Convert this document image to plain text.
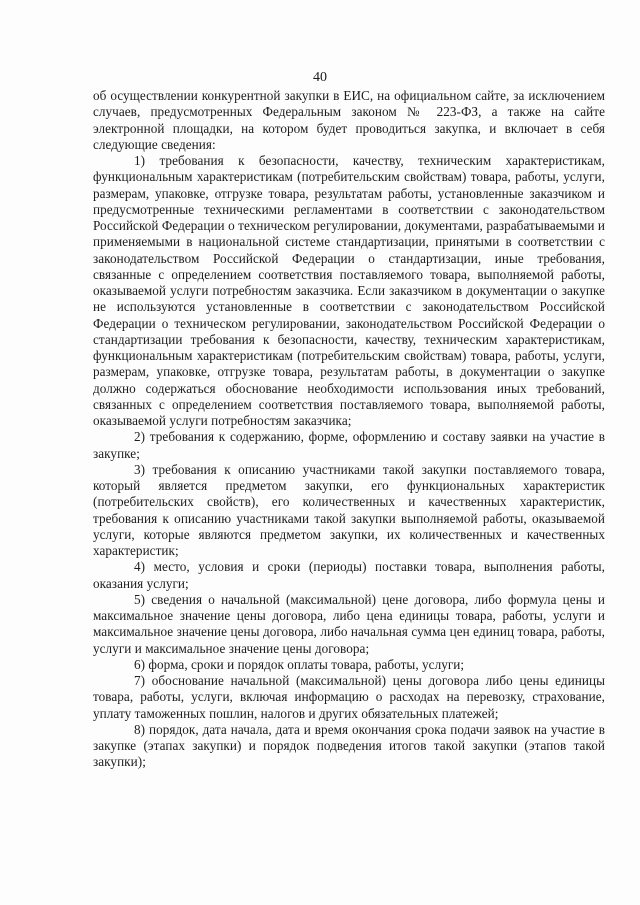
40

об осуществлении конкурентной закупки в ЕИС, на официальном сайте, за исключением случаев, предусмотренных Федеральным законом № 223-ФЗ, а также на сайте электронной площадки, на котором будет проводиться закупка, и включает в себя следующие сведения:

1) требования к безопасности, качеству, техническим характеристикам, функциональным характеристикам (потребительским свойствам) товара, работы, услуги, размерам, упаковке, отгрузке товара, результатам работы, установленные заказчиком и предусмотренные техническими регламентами в соответствии с законодательством Российской Федерации о техническом регулировании, документами, разрабатываемыми и применяемыми в национальной системе стандартизации, принятыми в соответствии с законодательством Российской Федерации о стандартизации, иные требования, связанные с определением соответствия поставляемого товара, выполняемой работы, оказываемой услуги потребностям заказчика. Если заказчиком в документации о закупке не используются установленные в соответствии с законодательством Российской Федерации о техническом регулировании, законодательством Российской Федерации о стандартизации требования к безопасности, качеству, техническим характеристикам, функциональным характеристикам (потребительским свойствам) товара, работы, услуги, размерам, упаковке, отгрузке товара, результатам работы, в документации о закупке должно содержаться обоснование необходимости использования иных требований, связанных с определением соответствия поставляемого товара, выполняемой работы, оказываемой услуги потребностям заказчика;

2) требования к содержанию, форме, оформлению и составу заявки на участие в закупке;

3) требования к описанию участниками такой закупки поставляемого товара, который является предметом закупки, его функциональных характеристик (потребительских свойств), его количественных и качественных характеристик, требования к описанию участниками такой закупки выполняемой работы, оказываемой услуги, которые являются предметом закупки, их количественных и качественных характеристик;

4) место, условия и сроки (периоды) поставки товара, выполнения работы, оказания услуги;

5) сведения о начальной (максимальной) цене договора, либо формула цены и максимальное значение цены договора, либо цена единицы товара, работы, услуги и максимальное значение цены договора, либо начальная сумма цен единиц товара, работы, услуги и максимальное значение цены договора;

6) форма, сроки и порядок оплаты товара, работы, услуги;

7) обоснование начальной (максимальной) цены договора либо цены единицы товара, работы, услуги, включая информацию о расходах на перевозку, страхование, уплату таможенных пошлин, налогов и других обязательных платежей;

8) порядок, дата начала, дата и время окончания срока подачи заявок на участие в закупке (этапах закупки) и порядок подведения итогов такой закупки (этапов такой закупки);
